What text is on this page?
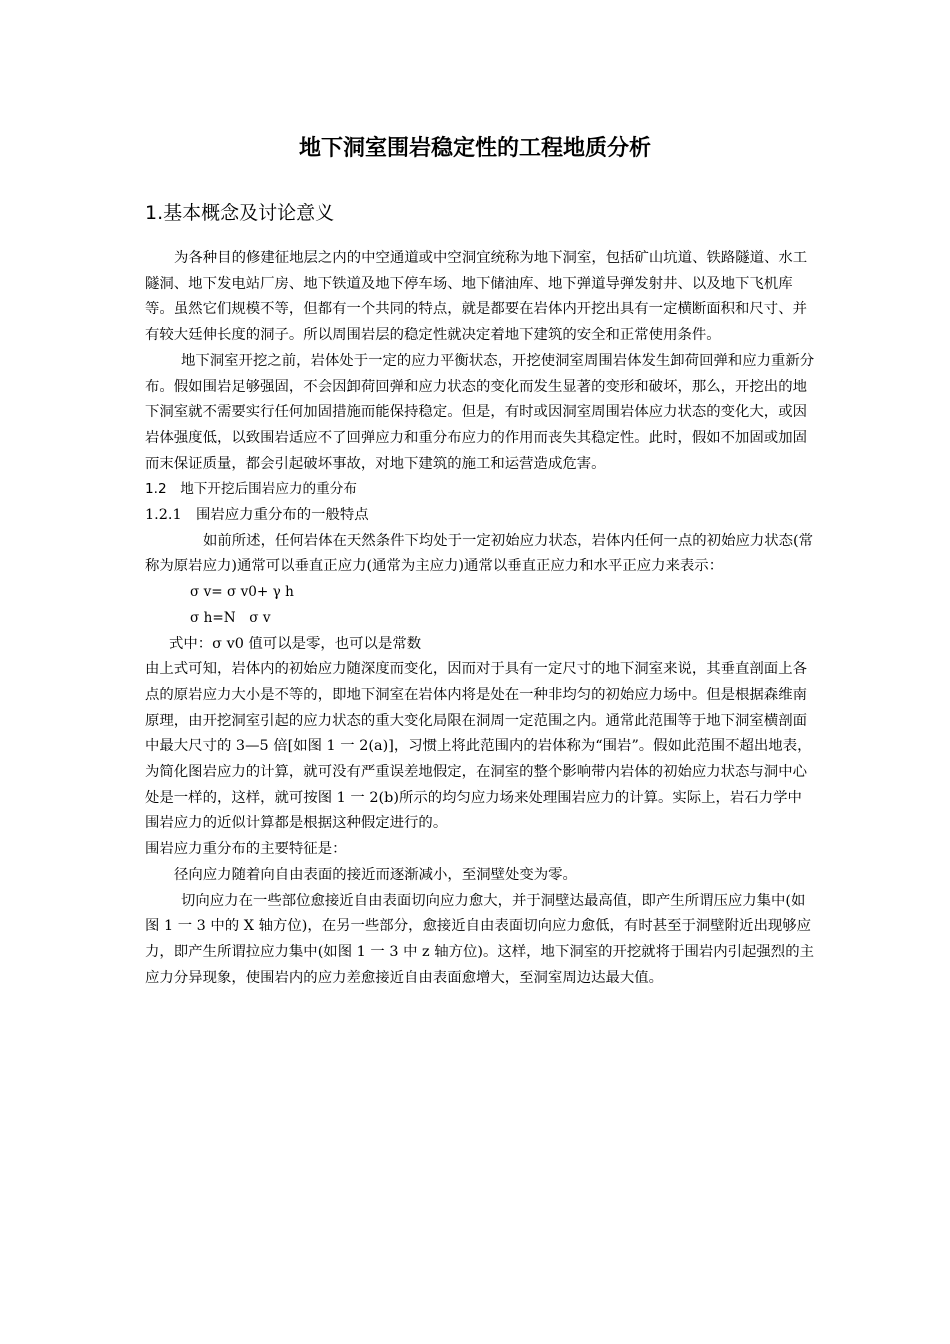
地下洞室围岩稳定性的工程地质分析
1.基本概念及讨论意义

为各种目的修建征地层之内的中空通道或中空洞宜统称为地下洞室，包括矿山坑道、铁路隧道、水工隧洞、地下发电站厂房、地下铁道及地下停车场、地下储油库、地下弹道导弹发射井、以及地下飞机库等。虽然它们规模不等，但都有一个共同的特点，就是都要在岩体内开挖出具有一定横断面积和尺寸、并有较大廷伸长度的洞子。所以周围岩层的稳定性就决定着地下建筑的安全和正常使用条件。

地下洞室开挖之前，岩体处于一定的应力平衡状态，开挖使洞室周围岩体发生卸荷回弹和应力重新分布。假如围岩足够强固，不会因卸荷回弹和应力状态的变化而发生显著的变形和破坏，那么，开挖出的地下洞室就不需要实行任何加固措施而能保持稳定。但是，有时或因洞室周围岩体应力状态的变化大，或因岩体强度低，以致围岩适应不了回弹应力和重分布应力的作用而丧失其稳定性。此时，假如不加固或加固而末保证质量，都会引起破坏事故，对地下建筑的施工和运营造成危害。

1.2　地下开挖后围岩应力的重分布

1.2.1　围岩应力重分布的一般特点

如前所述，任何岩体在天然条件下均处于一定初始应力状态，岩体内任何一点的初始应力状态(常称为原岩应力)通常可以垂直正应力(通常为主应力)通常以垂直正应力和水平正应力来表示：

σ v= σ v0+ γ h

σ h=N　σ v

式中：σ v0 值可以是零，也可以是常数

由上式可知，岩体内的初始应力随深度而变化，因而对于具有一定尺寸的地下洞室来说，其垂直剖面上各点的原岩应力大小是不等的，即地下洞室在岩体内将是处在一种非均匀的初始应力场中。但是根据森维南原理，由开挖洞室引起的应力状态的重大变化局限在洞周一定范围之内。通常此范围等于地下洞室横剖面中最大尺寸的 3—5 倍[如图 1 一 2(a)]，习惯上将此范围内的岩体称为“围岩”。假如此范围不超出地表，为简化图岩应力的计算，就可没有严重误差地假定，在洞室的整个影响带内岩体的初始应力状态与洞中心处是一样的，这样，就可按图 1 一 2(b)所示的均匀应力场来处理围岩应力的计算。实际上，岩石力学中围岩应力的近似计算都是根据这种假定进行的。

围岩应力重分布的主要特征是：

径向应力随着向自由表面的接近而逐渐减小，至洞壁处变为零。

切向应力在一些部位愈接近自由表面切向应力愈大，并于洞壁达最高值，即产生所谓压应力集中(如图 1 一 3 中的 X 轴方位)，在另一些部分，愈接近自由表面切向应力愈低，有时甚至于洞壁附近出现够应力，即产生所谓拉应力集中(如图 1 一 3 中 z 轴方位)。这样，地下洞室的开挖就将于围岩内引起强烈的主应力分异现象，使围岩内的应力差愈接近自由表面愈增大，至洞室周边达最大值。
